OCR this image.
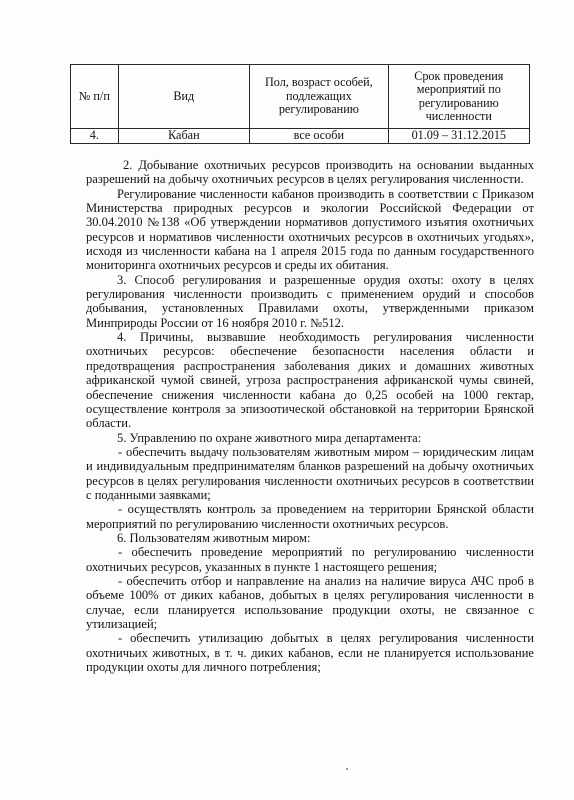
№ п/п	Вид	Пол, возраст особей, подлежащих регулированию	Срок проведения мероприятий по регулированию численности
4.	Кабан	все особи	01.09 – 31.12.2015

2. Добывание охотничьих ресурсов производить на основании выданных разрешений на добычу охотничьих ресурсов в целях регулирования численности.

Регулирование численности кабанов производить в соответствии с Приказом Министерства природных ресурсов и экологии Российской Федерации от 30.04.2010 №138 «Об утверждении нормативов допустимого изъятия охотничьих ресурсов и нормативов численности охотничьих ресурсов в охотничьих угодьях», исходя из численности кабана на 1 апреля 2015 года по данным государственного мониторинга охотничьих ресурсов и среды их обитания.

3. Способ регулирования и разрешенные орудия охоты: охоту в целях регулирования численности производить с применением орудий и способов добывания, установленных Правилами охоты, утвержденными приказом Минприроды России от 16 ноября 2010 г. №512.

4. Причины, вызвавшие необходимость регулирования численности охотничьих ресурсов: обеспечение безопасности населения области и предотвращения распространения заболевания диких и домашних животных африканской чумой свиней, угроза распространения африканской чумы свиней, обеспечение снижения численности кабана до 0,25 особей на 1000 гектар, осуществление контроля за эпизоотической обстановкой на территории Брянской области.

5. Управлению по охране животного мира департамента:

- обеспечить выдачу пользователям животным миром – юридическим лицам и индивидуальным предпринимателям бланков разрешений на добычу охотничьих ресурсов в целях регулирования численности охотничьих ресурсов в соответствии с поданными заявками;

- осуществлять контроль за проведением на территории Брянской области мероприятий по регулированию численности охотничьих ресурсов.

6. Пользователям животным миром:

- обеспечить проведение мероприятий по регулированию численности охотничьих ресурсов, указанных в пункте 1 настоящего решения;

- обеспечить отбор и направление на анализ на наличие вируса АЧС проб в объеме 100% от диких кабанов, добытых в целях регулирования численности в случае, если планируется использование продукции охоты, не связанное с утилизацией;

- обеспечить утилизацию добытых в целях регулирования численности охотничьих животных, в т. ч. диких кабанов, если не планируется использование продукции охоты для личного потребления;
